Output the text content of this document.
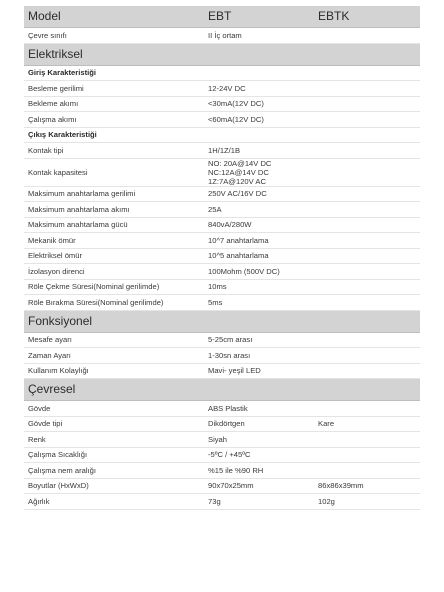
Model	EBT	EBTK
Çevre sınıfı	II İç ortam	
Elektriksel		
Giriş Karakteristiği		
Besleme gerilimi	12-24V DC	
Bekleme akımı	<30mA(12V DC)	
Çalışma akımı	<60mA(12V DC)	
Çıkış Karakteristiği		
Kontak tipi	1H/1Z/1B	
Kontak kapasitesi	NO: 20A@14V DC NC:12A@14V DC 1Z:7A@120V AC	
Maksimum anahtarlama gerilimi	250V AC/16V DC	
Maksimum anahtarlama akımı	25A	
Maksimum anahtarlama gücü	840vA/280W	
Mekanik ömür	10^7 anahtarlama	
Elektriksel ömür	10^5 anahtarlama	
İzolasyon direnci	100Mohm (500V DC)	
Röle Çekme Süresi(Nominal gerilimde)	10ms	
Röle Bırakma Süresi(Nominal gerilimde)	5ms	
Fonksiyonel		
Mesafe ayarı	5-25cm arası	
Zaman Ayarı	1-30sn arası	
Kullanım Kolaylığı	Mavi- yeşil LED	
Çevresel		
Gövde	ABS Plastik	
Gövde tipi	Dikdörtgen	Kare
Renk	Siyah	
Çalışma Sıcaklığı	-5ºC / +45ºC	
Çalışma nem aralığı	%15 ile %90 RH	
Boyutlar (HxWxD)	90x70x25mm	86x86x39mm
Ağırlık	73g	102g
